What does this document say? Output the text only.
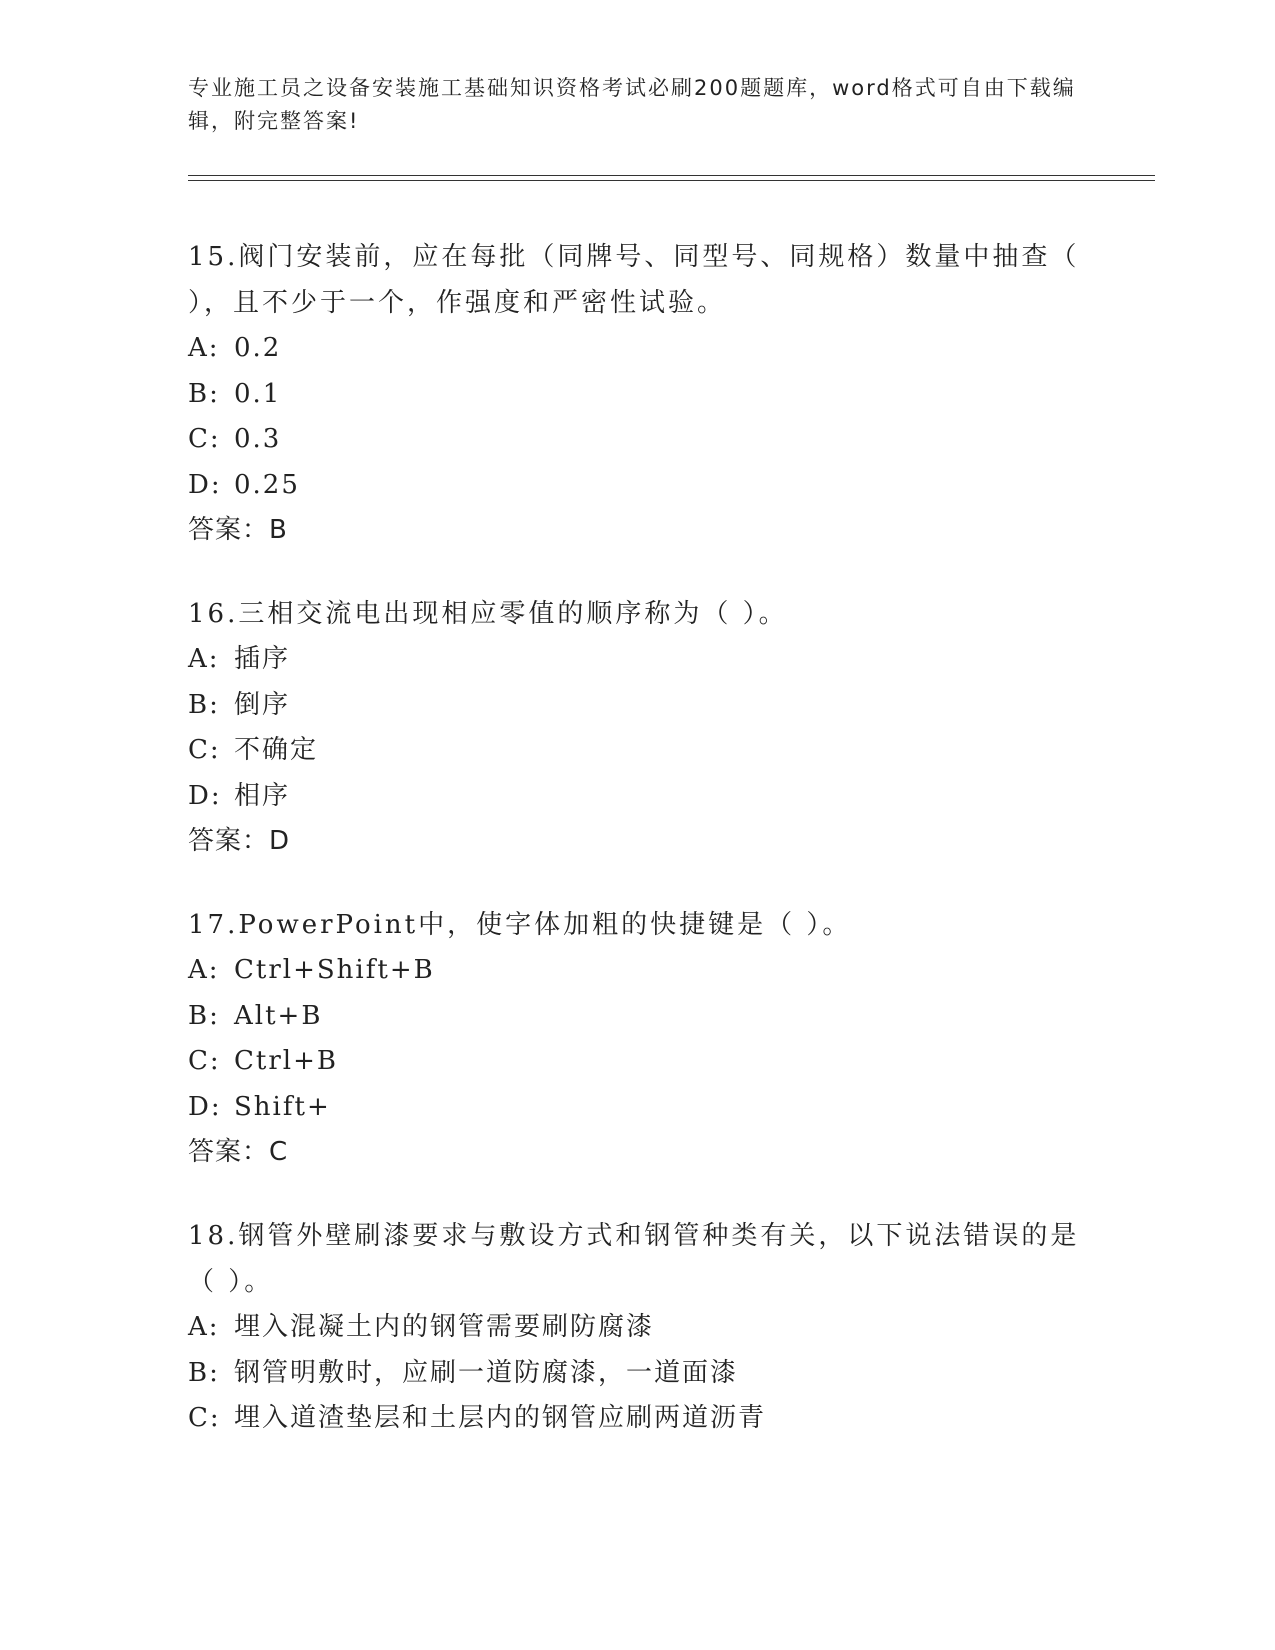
专业施工员之设备安装施工基础知识资格考试必刷200题题库，word格式可自由下载编辑，附完整答案!
15.阀门安装前，应在每批（同牌号、同型号、同规格）数量中抽查（ ），且不少于一个，作强度和严密性试验。
A: 0.2
B: 0.1
C: 0.3
D: 0.25
答案：B
16.三相交流电出现相应零值的顺序称为（ ）。
A: 插序
B: 倒序
C: 不确定
D: 相序
答案：D
17.PowerPoint中，使字体加粗的快捷键是（ ）。
A: Ctrl+Shift+B
B: Alt+B
C: Ctrl+B
D: Shift+
答案：C
18.钢管外壁刷漆要求与敷设方式和钢管种类有关，以下说法错误的是（ ）。
A: 埋入混凝土内的钢管需要刷防腐漆
B: 钢管明敷时，应刷一道防腐漆，一道面漆
C: 埋入道渣垫层和土层内的钢管应刷两道沥青
